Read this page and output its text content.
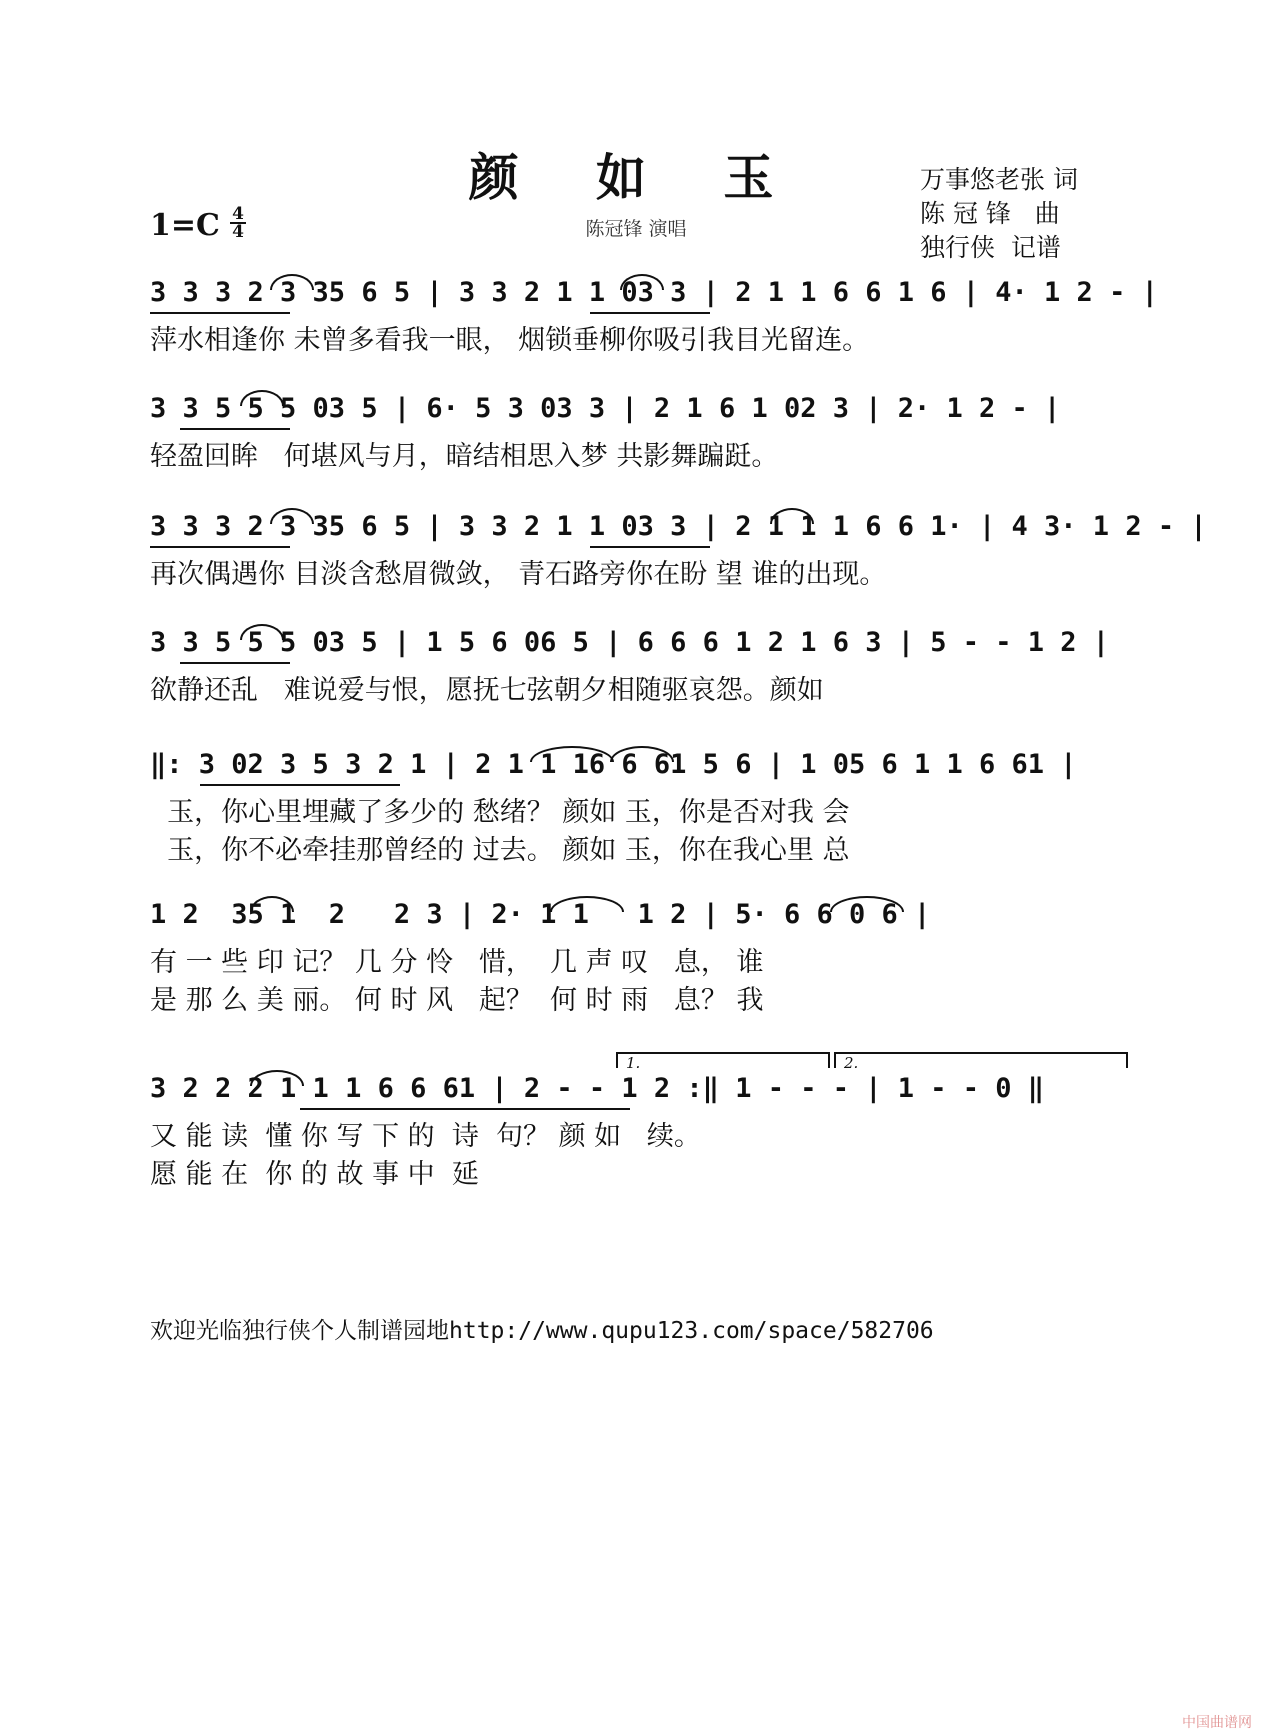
颜 如 玉
陈冠锋 演唱
1=C 4
4
万事悠老张 词
陈 冠 锋   曲
独行侠  记谱
3 3 3 2 3 35 6 5 | 3 3 2 1 1 03 3 | 2 1 1 6 6 1 6 | 4· 1 2 - |
萍水相逢你 未曾多看我一眼， 烟锁垂柳你吸引我目光留连。
3 3 5 5 5 03 5 | 6· 5 3 03 3 | 2 1 6 1 02 3 | 2· 1 2 - |
轻盈回眸   何堪风与月，暗结相思入梦 共影舞蹁跹。
3 3 3 2 3 35 6 5 | 3 3 2 1 1 03 3 | 2 1 1 1 6 6 1· | 4 3· 1 2 - |
再次偶遇你 目淡含愁眉微敛， 青石路旁你在盼 望 谁的出现。
3 3 5 5 5 03 5 | 1 5 6 06 5 | 6 6 6 1 2 1 6 3 | 5 - - 1 2 |
欲静还乱   难说爱与恨，愿抚七弦朝夕相随驱哀怨。颜如
‖: 3 02 3 5 3 2 1 | 2 1 1 16 6 61 5 6 | 1 05 6 1 1 6 61 |
玉，你心里埋藏了多少的 愁绪？ 颜如 玉，你是否对我 会
玉，你不必牵挂那曾经的 过去。 颜如 玉，你在我心里 总
1 2  35 1  2   2 3 | 2· 1 1   1 2 | 5· 6 6 0 6 |
有 一 些 印 记？ 几 分 怜   惜，  几 声 叹   息， 谁
是 那 么 美 丽。 何 时 风   起？  何 时 雨   息？ 我
3 2 2 2 1 1 1 6 6 61 | 2 - - 1 2 :‖ 1 - - - | 1 - - 0 ‖
又 能 读  懂 你 写 下 的  诗  句？ 颜 如   续。
愿 能 在  你 的 故 事 中  延
1.	2.
欢迎光临独行侠个人制谱园地http://www.qupu123.com/space/582706
中国曲谱网
